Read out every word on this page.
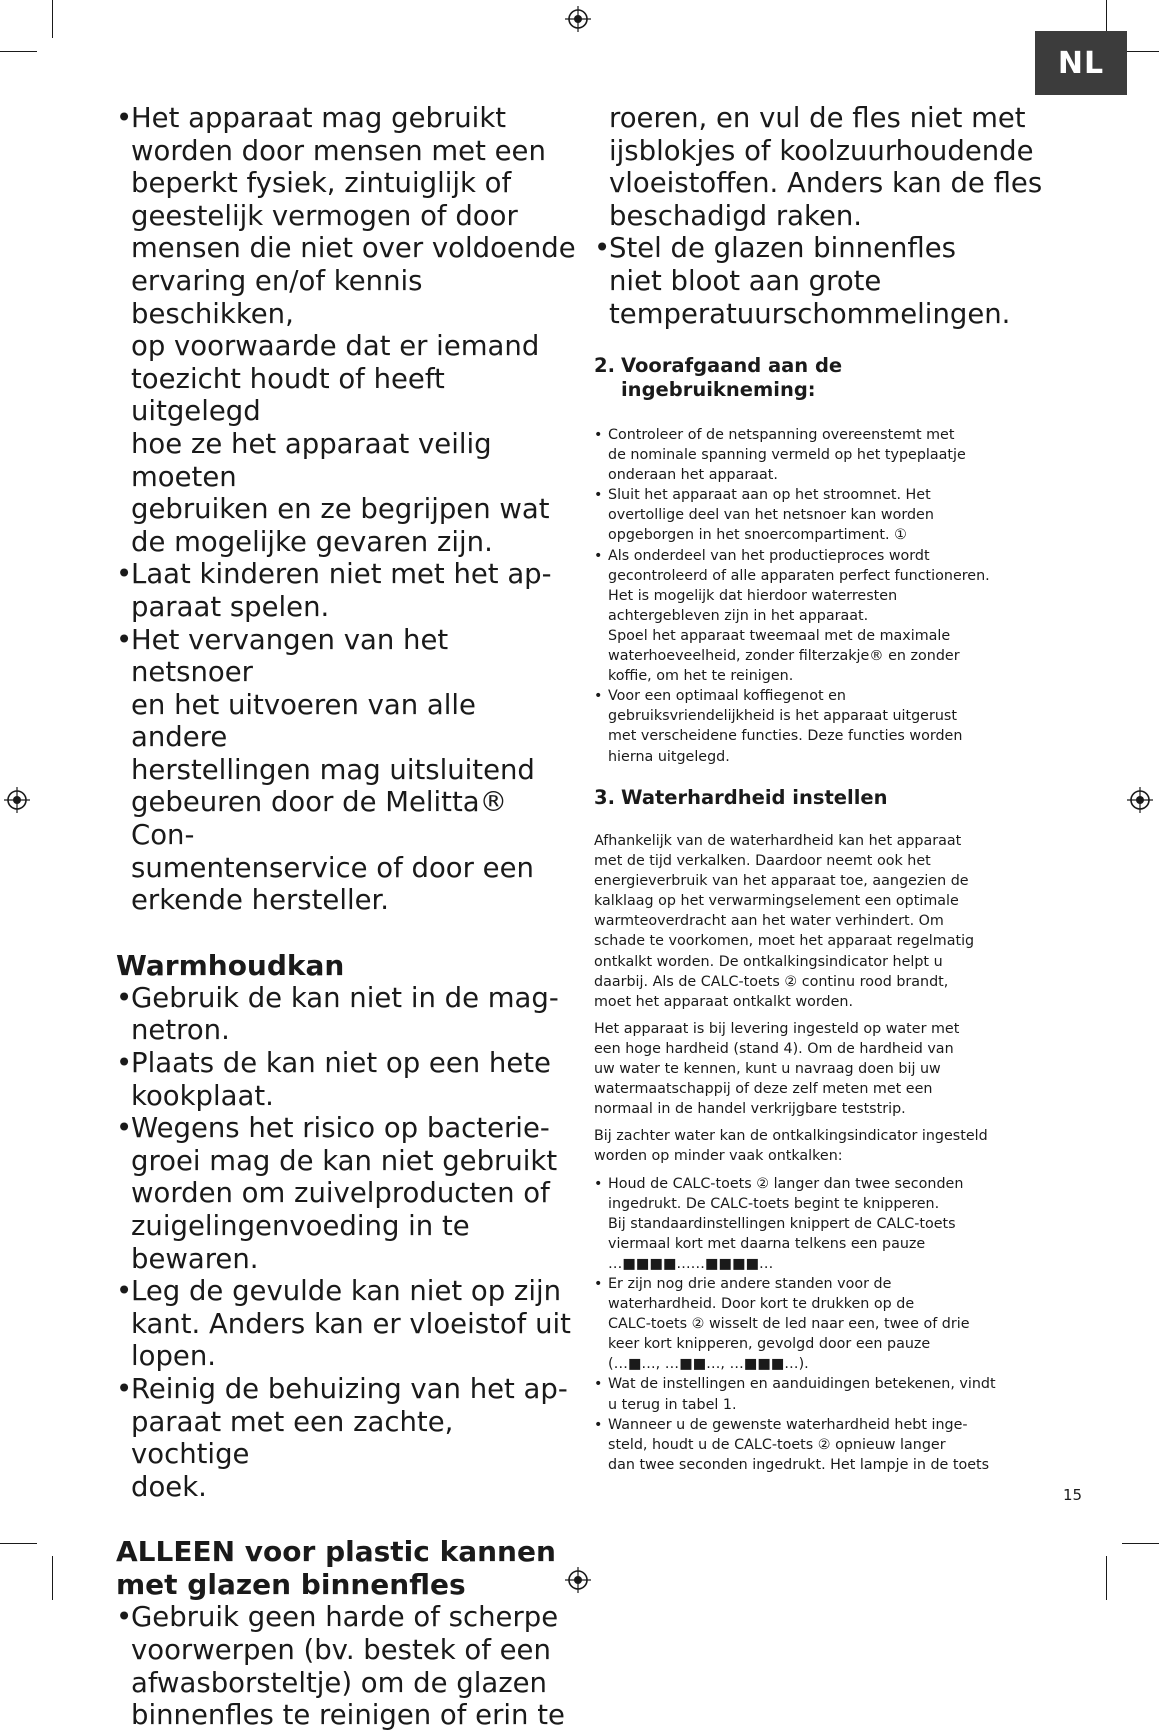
NL
•
Het apparaat mag gebruikt
worden door mensen met een
beperkt fysiek, zintuiglijk of
geestelijk vermogen of door
mensen die niet over voldoende
ervaring en/of kennis beschikken,
op voorwaarde dat er iemand
toezicht houdt of heeft uitgelegd
hoe ze het apparaat veilig moeten
gebruiken en ze begrijpen wat
de mogelijke gevaren zijn.
•
Laat kinderen niet met het ap-
paraat spelen.
•
Het vervangen van het netsnoer
en het uitvoeren van alle andere
herstellingen mag uitsluitend
gebeuren door de Melitta® Con-
sumentenservice of door een
erkende hersteller.
Warmhoudkan
•
Gebruik de kan niet in de mag-
netron.
•
Plaats de kan niet op een hete
kookplaat.
•
Wegens het risico op bacterie-
groei mag de kan niet gebruikt
worden om zuivelproducten of
zuigelingenvoeding in te bewaren.
•
Leg de gevulde kan niet op zijn
kant. Anders kan er vloeistof uit
lopen.
•
Reinig de behuizing van het ap-
paraat met een zachte, vochtige
doek.
ALLEEN voor plastic kannen
met glazen binnenfles
•
Gebruik geen harde of scherpe
voorwerpen (bv. bestek of een
afwasborsteltje) om de glazen
binnenfles te reinigen of erin te
roeren, en vul de fles niet met
ijsblokjes of koolzuurhoudende
vloeistoffen. Anders kan de fles
beschadigd raken.
•
Stel de glazen binnenfles
niet bloot aan grote
temperatuurschommelingen.
2. Voorafgaand aan de
ingebruikneming:
• Controleer of de netspanning overeenstemt met
de nominale spanning vermeld op het typeplaatje
onderaan het apparaat.
• Sluit het apparaat aan op het stroomnet. Het
overtollige deel van het netsnoer kan worden
opgeborgen in het snoercompartiment. ①
• Als onderdeel van het productieproces wordt
gecontroleerd of alle apparaten perfect functioneren.
Het is mogelijk dat hierdoor waterresten
achtergebleven zijn in het apparaat.
Spoel het apparaat tweemaal met de maximale
waterhoeveelheid, zonder filterzakje® en zonder
koffie, om het te reinigen.
• Voor een optimaal koffiegenot en
gebruiksvriendelijkheid is het apparaat uitgerust
met verscheidene functies. Deze functies worden
hierna uitgelegd.
3. Waterhardheid instellen

Afhankelijk van de waterhardheid kan het apparaat
met de tijd verkalken. Daardoor neemt ook het
energieverbruik van het apparaat toe, aangezien de
kalklaag op het verwarmingselement een optimale
warmteoverdracht aan het water verhindert. Om
schade te voorkomen, moet het apparaat regelmatig
ontkalkt worden. De ontkalkingsindicator helpt u
daarbij. Als de CALC-toets ② continu rood brandt,
moet het apparaat ontkalkt worden.

Het apparaat is bij levering ingesteld op water met
een hoge hardheid (stand 4). Om de hardheid van
uw water te kennen, kunt u navraag doen bij uw
watermaatschappij of deze zelf meten met een
normaal in de handel verkrijgbare teststrip.

Bij zachter water kan de ontkalkingsindicator ingesteld
worden op minder vaak ontkalken:

• Houd de CALC-toets ② langer dan twee seconden
ingedrukt. De CALC-toets begint te knipperen.
Bij standaardinstellingen knippert de CALC-toets
viermaal kort met daarna telkens een pauze
…■■■■……■■■■…
• Er zijn nog drie andere standen voor de
waterhardheid. Door kort te drukken op de
CALC-toets ② wisselt de led naar een, twee of drie
keer kort knipperen, gevolgd door een pauze
(…■…, …■■…, …■■■…).
• Wat de instellingen en aanduidingen betekenen, vindt
u terug in tabel 1.
• Wanneer u de gewenste waterhardheid hebt inge-
steld, houdt u de CALC-toets ② opnieuw langer
dan twee seconden ingedrukt. Het lampje in de toets
15
